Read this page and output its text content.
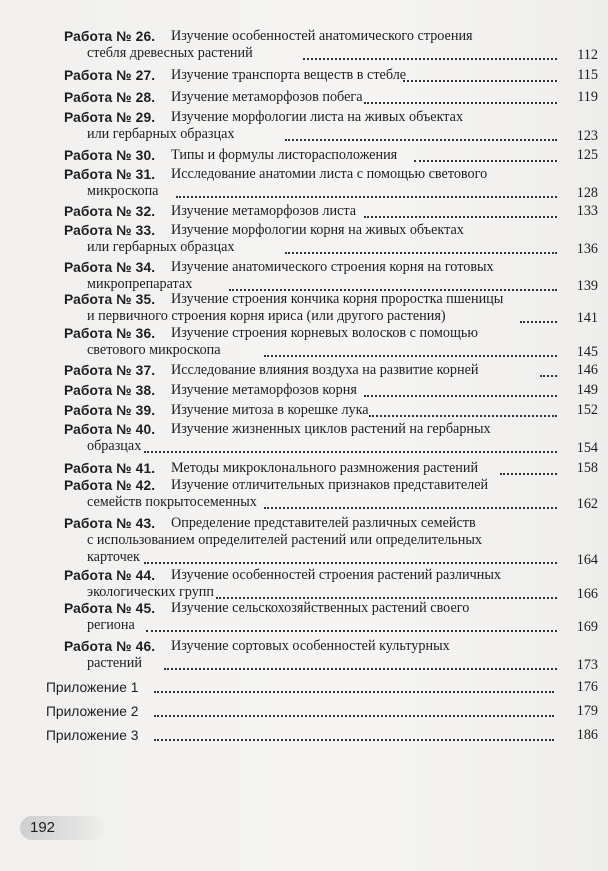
Работа № 26. Изучение особенностей анатомического строения
стебля древесных растений	112
Работа № 27. Изучение транспорта веществ в стебле	115
Работа № 28. Изучение метаморфозов побега	119
Работа № 29. Изучение морфологии листа на живых объектах
или гербарных образцах	123
Работа № 30. Типы и формулы листорасположения	125
Работа № 31. Исследование анатомии листа с помощью светового
микроскопа	128
Работа № 32. Изучение метаморфозов листа	133
Работа № 33. Изучение морфологии корня на живых объектах
или гербарных образцах	136
Работа № 34. Изучение анатомического строения корня на готовых
микропрепаратах	139
Работа № 35. Изучение строения кончика корня проростка пшеницы
и первичного строения корня ириса (или другого растения)	141
Работа № 36. Изучение строения корневых волосков с помощью
светового микроскопа	145
Работа № 37. Исследование влияния воздуха на развитие корней	146
Работа № 38. Изучение метаморфозов корня	149
Работа № 39. Изучение митоза в корешке лука	152
Работа № 40. Изучение жизненных циклов растений на гербарных
образцах	154
Работа № 41. Методы микроклонального размножения растений	158
Работа № 42. Изучение отличительных признаков представителей
семейств покрытосеменных	162
Работа № 43. Определение представителей различных семейств
с использованием определителей растений или определительных
карточек	164
Работа № 44. Изучение особенностей строения растений различных
экологических групп	166
Работа № 45. Изучение сельскохозяйственных растений своего
региона	169
Работа № 46. Изучение сортовых особенностей культурных
растений	173
Приложение 1	176
Приложение 2	179
Приложение 3	186
192
